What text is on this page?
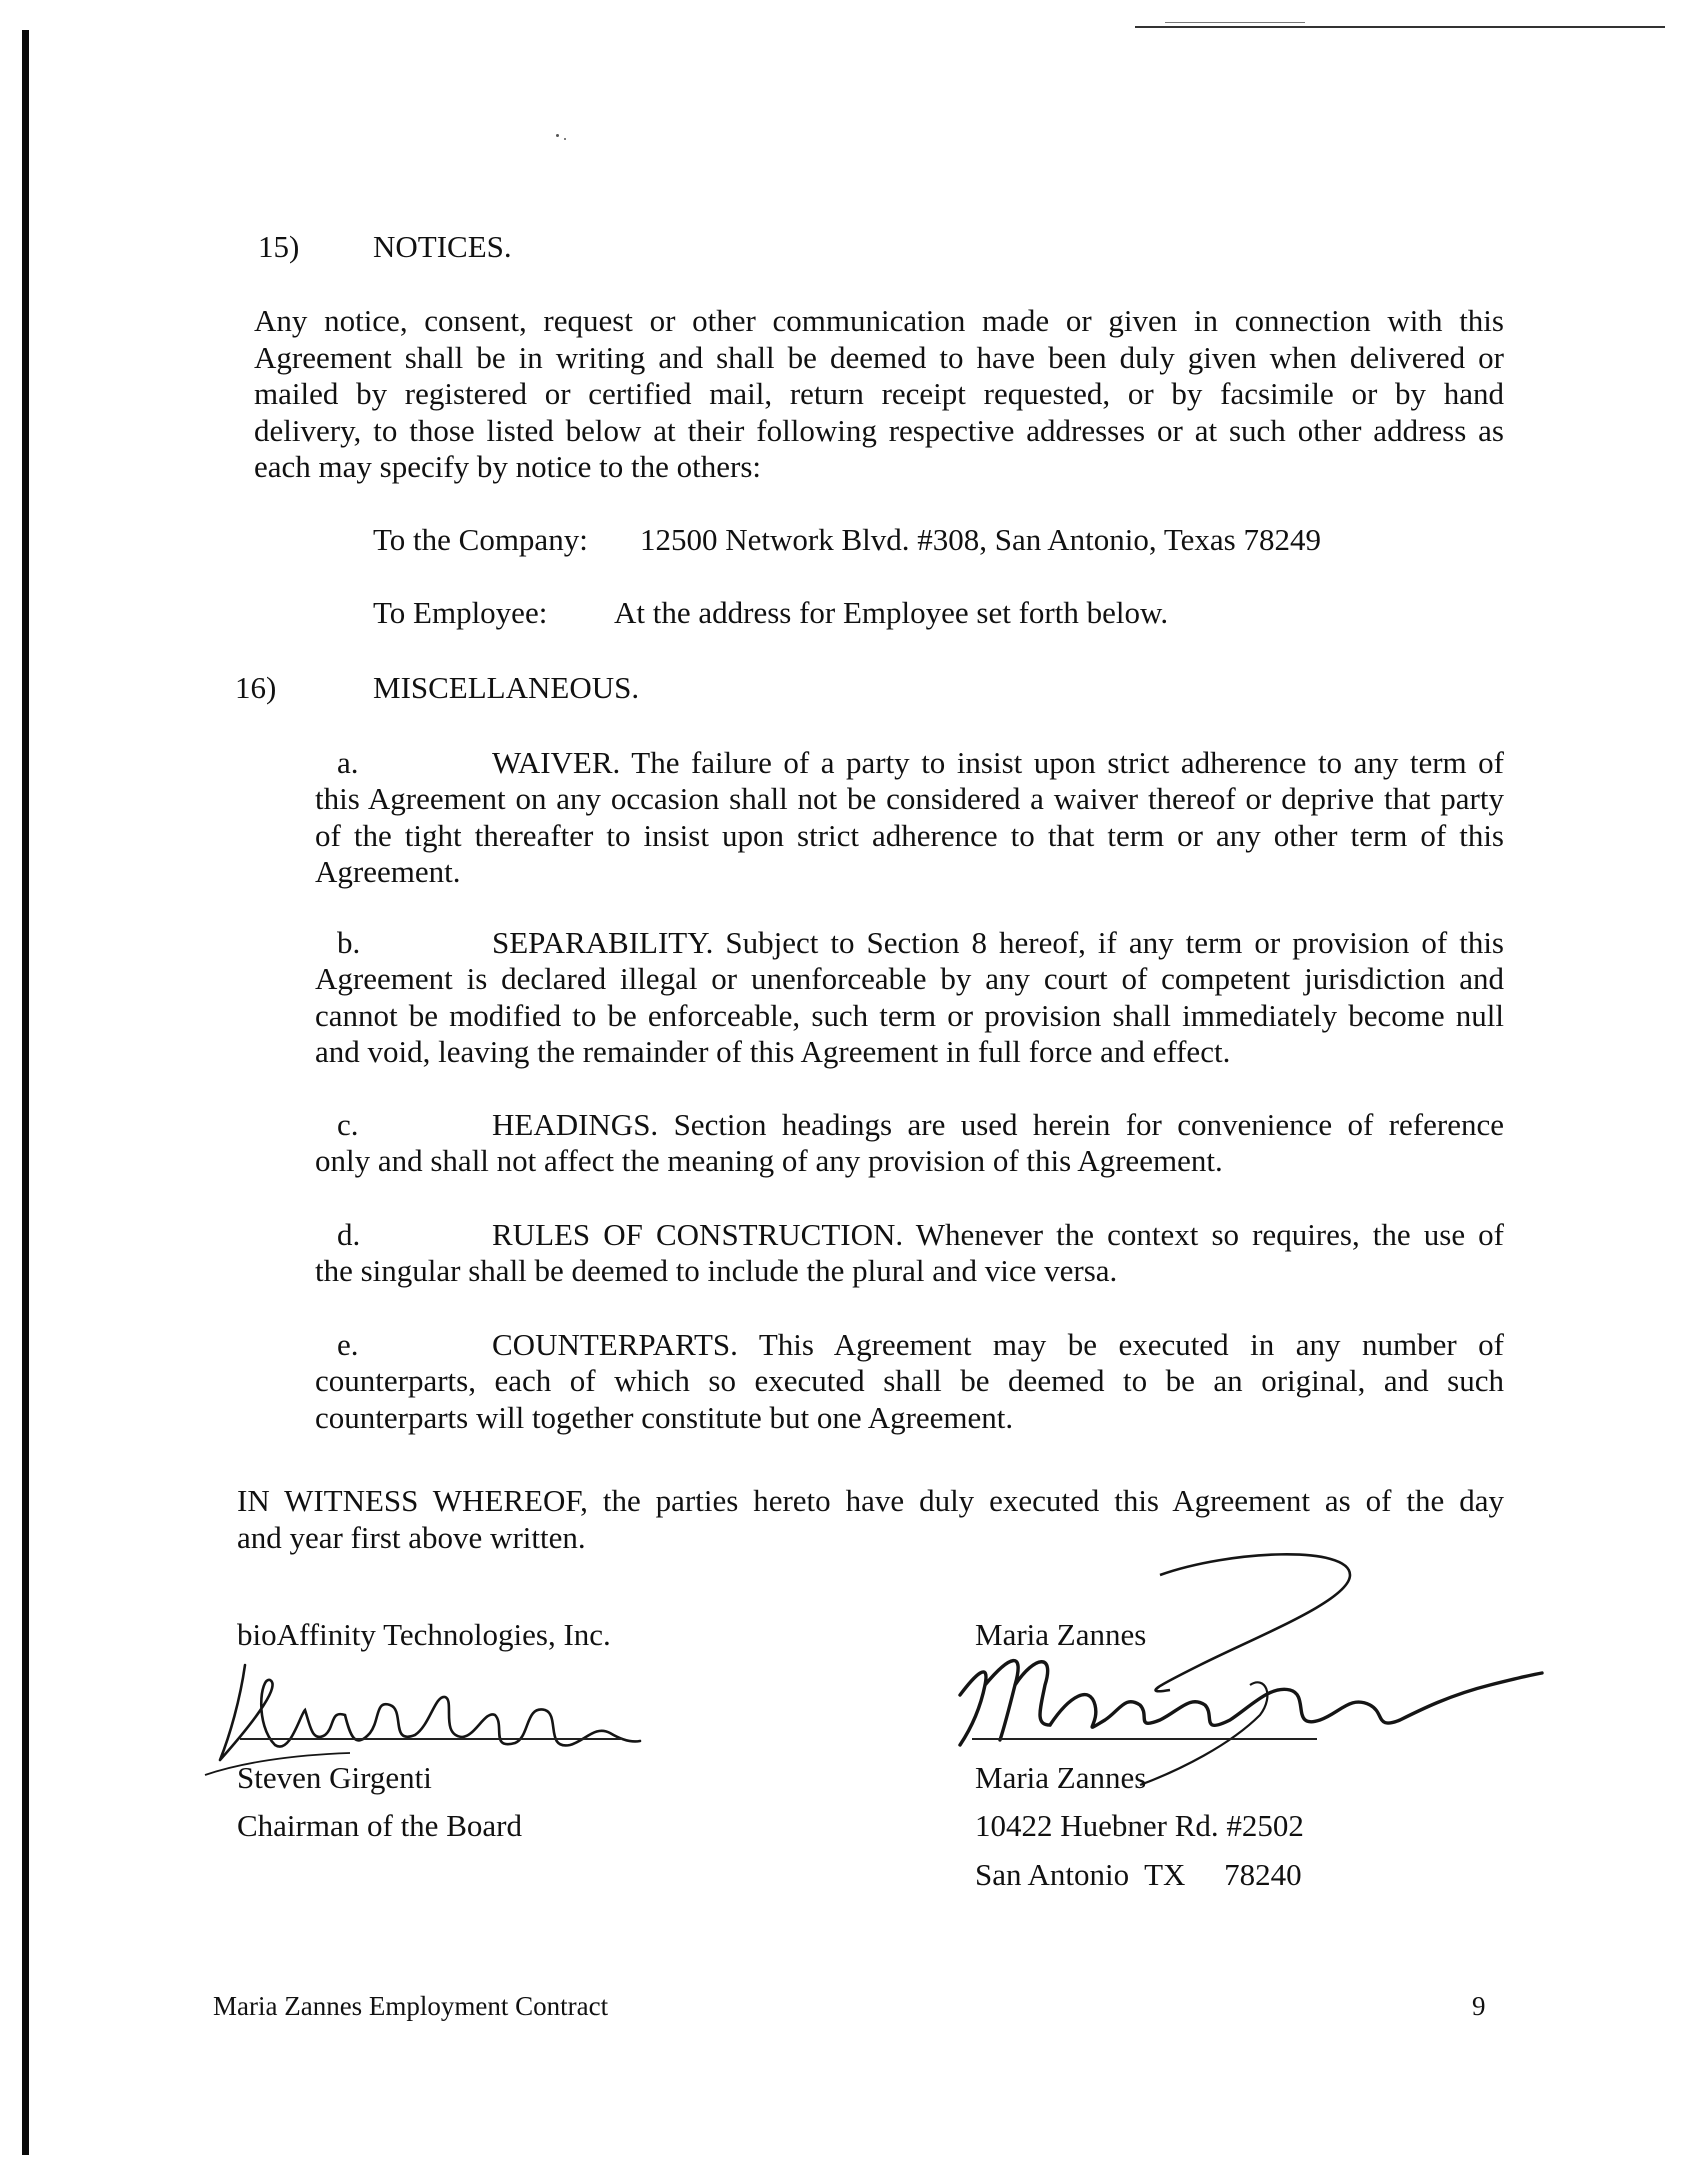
15) NOTICES.
Any notice, consent, request or other communication made or given in connection with this
Agreement shall be in writing and shall be deemed to have been duly given when delivered or
mailed by registered or certified mail, return receipt requested, or by facsimile or by hand
delivery, to those listed below at their following respective addresses or at such other address as
each may specify by notice to the others:
To the Company: 12500 Network Blvd. #308, San Antonio, Texas 78249
To Employee: At the address for Employee set forth below.
16)	MISCELLANEOUS.
a.	WAIVER. The failure of a party to insist upon strict adherence to any term of
this Agreement on any occasion shall not be considered a waiver thereof or deprive that party
of the tight thereafter to insist upon strict adherence to that term or any other term of this
Agreement.
b.	SEPARABILITY. Subject to Section 8 hereof, if any term or provision of this
Agreement is declared illegal or unenforceable by any court of competent jurisdiction and
cannot be modified to be enforceable, such term or provision shall immediately become null
and void, leaving the remainder of this Agreement in full force and effect.
c.	HEADINGS. Section headings are used herein for convenience of reference
only and shall not affect the meaning of any provision of this Agreement.
d.	RULES OF CONSTRUCTION. Whenever the context so requires, the use of
the singular shall be deemed to include the plural and vice versa.
e.	COUNTERPARTS. This Agreement may be executed in any number of
counterparts, each of which so executed shall be deemed to be an original, and such
counterparts will together constitute but one Agreement.
IN WITNESS WHEREOF, the parties hereto have duly executed this Agreement as of the day
and year first above written.
bioAffinity Technologies, Inc.
Steven Girgenti
Chairman of the Board
Maria Zannes
Maria Zannes
10422 Huebner Rd. #2502
San Antonio  TX     78240
Maria Zannes Employment Contract	9
